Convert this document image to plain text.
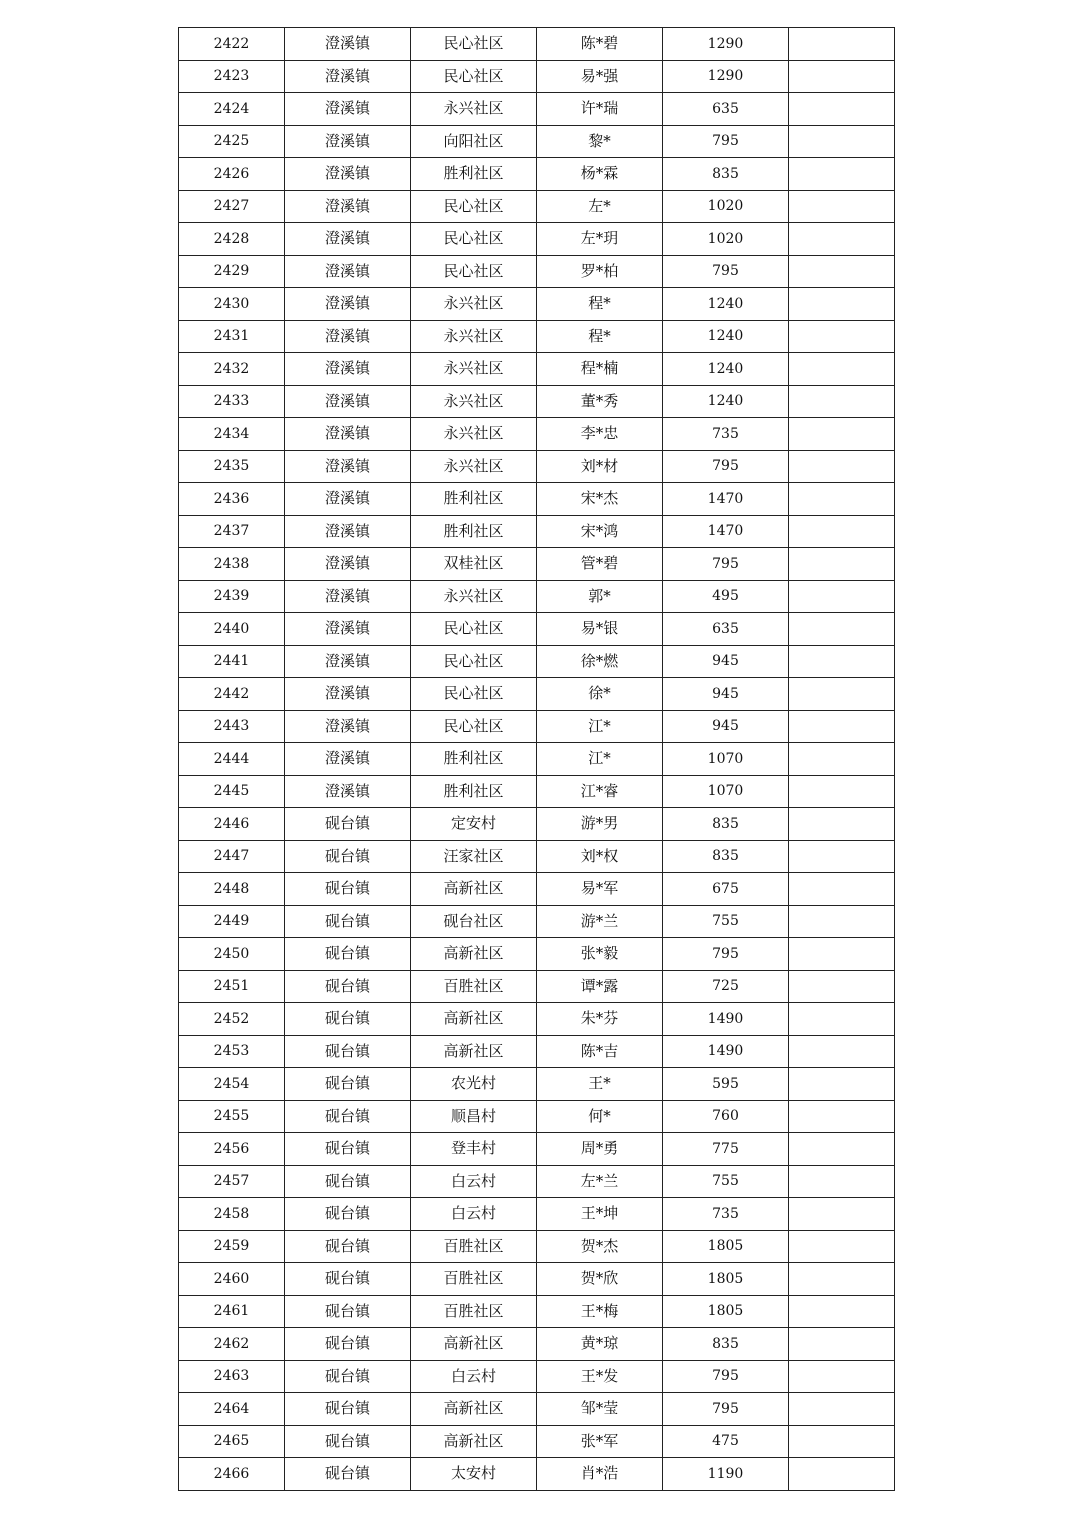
2422	澄溪镇	民心社区	陈*碧	1290	
2423	澄溪镇	民心社区	易*强	1290	
2424	澄溪镇	永兴社区	许*瑞	635	
2425	澄溪镇	向阳社区	黎*	795	
2426	澄溪镇	胜利社区	杨*霖	835	
2427	澄溪镇	民心社区	左*	1020	
2428	澄溪镇	民心社区	左*玥	1020	
2429	澄溪镇	民心社区	罗*柏	795	
2430	澄溪镇	永兴社区	程*	1240	
2431	澄溪镇	永兴社区	程*	1240	
2432	澄溪镇	永兴社区	程*楠	1240	
2433	澄溪镇	永兴社区	董*秀	1240	
2434	澄溪镇	永兴社区	李*忠	735	
2435	澄溪镇	永兴社区	刘*材	795	
2436	澄溪镇	胜利社区	宋*杰	1470	
2437	澄溪镇	胜利社区	宋*鸿	1470	
2438	澄溪镇	双桂社区	管*碧	795	
2439	澄溪镇	永兴社区	郭*	495	
2440	澄溪镇	民心社区	易*银	635	
2441	澄溪镇	民心社区	徐*燃	945	
2442	澄溪镇	民心社区	徐*	945	
2443	澄溪镇	民心社区	江*	945	
2444	澄溪镇	胜利社区	江*	1070	
2445	澄溪镇	胜利社区	江*睿	1070	
2446	砚台镇	定安村	游*男	835	
2447	砚台镇	汪家社区	刘*权	835	
2448	砚台镇	高新社区	易*军	675	
2449	砚台镇	砚台社区	游*兰	755	
2450	砚台镇	高新社区	张*毅	795	
2451	砚台镇	百胜社区	谭*露	725	
2452	砚台镇	高新社区	朱*芬	1490	
2453	砚台镇	高新社区	陈*吉	1490	
2454	砚台镇	农光村	王*	595	
2455	砚台镇	顺昌村	何*	760	
2456	砚台镇	登丰村	周*勇	775	
2457	砚台镇	白云村	左*兰	755	
2458	砚台镇	白云村	王*坤	735	
2459	砚台镇	百胜社区	贺*杰	1805	
2460	砚台镇	百胜社区	贺*欣	1805	
2461	砚台镇	百胜社区	王*梅	1805	
2462	砚台镇	高新社区	黄*琼	835	
2463	砚台镇	白云村	王*发	795	
2464	砚台镇	高新社区	邹*莹	795	
2465	砚台镇	高新社区	张*军	475	
2466	砚台镇	太安村	肖*浩	1190	
